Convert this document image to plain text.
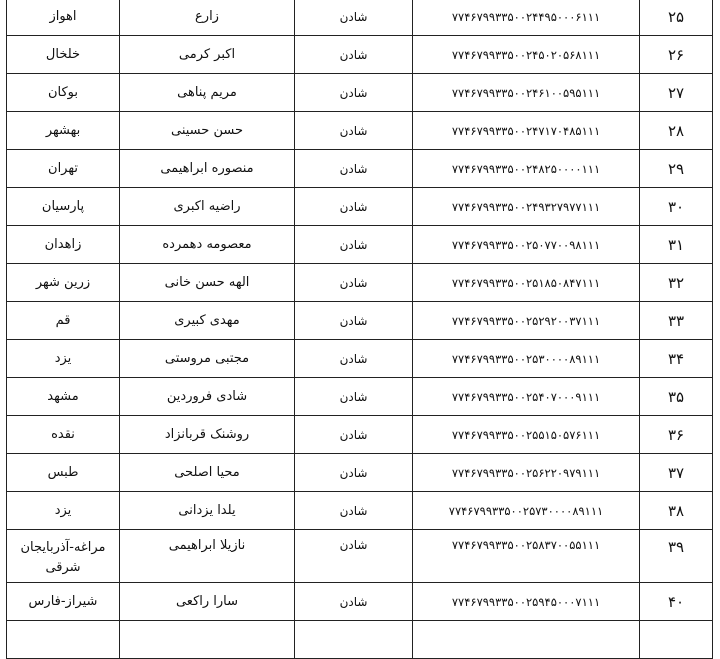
اهواز	زارع	شادن	۷۷۴۶۷۹۹۳۳۵۰۰۲۴۴۹۵۰۰۰۶۱۱۱	۲۵
خلخال	اکبر کرمی	شادن	۷۷۴۶۷۹۹۳۳۵۰۰۲۴۵۰۲۰۵۶۸۱۱۱	۲۶
بوکان	مریم پناهی	شادن	۷۷۴۶۷۹۹۳۳۵۰۰۲۴۶۱۰۰۵۹۵۱۱۱	۲۷
بهشهر	حسن حسینی	شادن	۷۷۴۶۷۹۹۳۳۵۰۰۲۴۷۱۷۰۴۸۵۱۱۱	۲۸
تهران	منصوره ابراهیمی	شادن	۷۷۴۶۷۹۹۳۳۵۰۰۲۴۸۲۵۰۰۰۰۱۱۱	۲۹
پارسیان	راضیه اکبری	شادن	۷۷۴۶۷۹۹۳۳۵۰۰۲۴۹۳۲۷۹۷۷۱۱۱	۳۰
زاهدان	معصومه دهمرده	شادن	۷۷۴۶۷۹۹۳۳۵۰۰۲۵۰۷۷۰۰۹۸۱۱۱	۳۱
زرین شهر	الهه حسن خانی	شادن	۷۷۴۶۷۹۹۳۳۵۰۰۲۵۱۸۵۰۸۴۷۱۱۱	۳۲
قم	مهدی کبیری	شادن	۷۷۴۶۷۹۹۳۳۵۰۰۲۵۲۹۲۰۰۳۷۱۱۱	۳۳
یزد	مجتبی مروستی	شادن	۷۷۴۶۷۹۹۳۳۵۰۰۲۵۳۰۰۰۰۸۹۱۱۱	۳۴
مشهد	شادی فروردین	شادن	۷۷۴۶۷۹۹۳۳۵۰۰۲۵۴۰۷۰۰۰۹۱۱۱	۳۵
نقده	روشنک قربانزاد	شادن	۷۷۴۶۷۹۹۳۳۵۰۰۲۵۵۱۵۰۵۷۶۱۱۱	۳۶
طبس	محیا اصلحی	شادن	۷۷۴۶۷۹۹۳۳۵۰۰۲۵۶۲۲۰۹۷۹۱۱۱	۳۷
یزد	یلدا یزدانی	شادن	۷۷۴۶۷۹۹۳۳۵۰۰۲۵۷۳۰۰۰۰۸۹۱۱۱	۳۸
مراغه-آذربایجان شرقی	نازیلا ابراهیمی	شادن	۷۷۴۶۷۹۹۳۳۵۰۰۲۵۸۳۷۰۰۵۵۱۱۱	۳۹
شیراز-فارس	سارا راکعی	شادن	۷۷۴۶۷۹۹۳۳۵۰۰۲۵۹۴۵۰۰۰۷۱۱۱	۴۰
